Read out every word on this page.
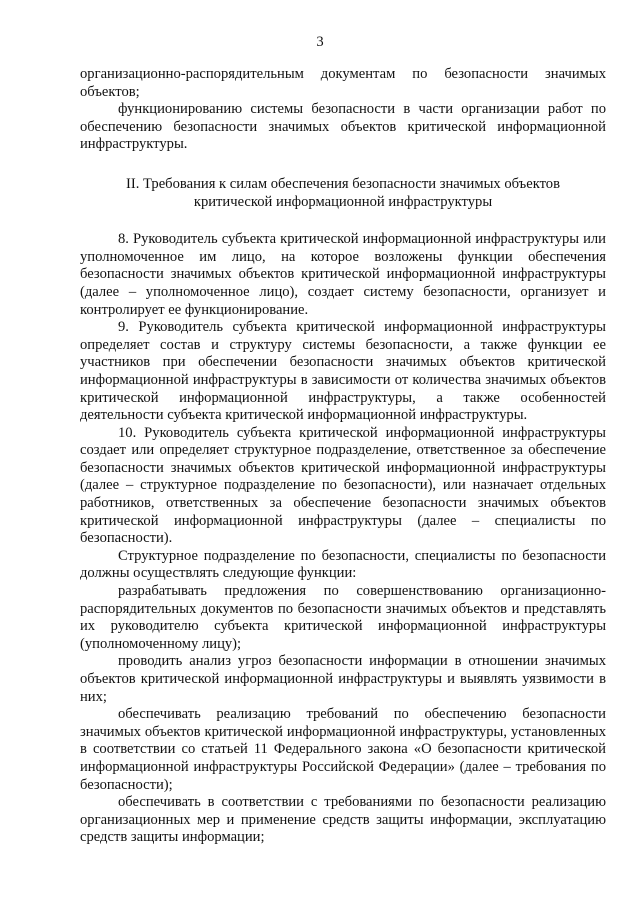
3

организационно-распорядительным документам по безопасности значимых объектов;

функционированию системы безопасности в части организации работ по обеспечению безопасности значимых объектов критической информационной инфраструктуры.

II. Требования к силам обеспечения безопасности значимых объектов критической информационной инфраструктуры

8. Руководитель субъекта критической информационной инфраструктуры или уполномоченное им лицо, на которое возложены функции обеспечения безопасности значимых объектов критической информационной инфраструктуры (далее – уполномоченное лицо), создает систему безопасности, организует и контролирует ее функционирование.

9. Руководитель субъекта критической информационной инфраструктуры определяет состав и структуру системы безопасности, а также функции ее участников при обеспечении безопасности значимых объектов критической информационной инфраструктуры в зависимости от количества значимых объектов критической информационной инфраструктуры, а также особенностей деятельности субъекта критической информационной инфраструктуры.

10. Руководитель субъекта критической информационной инфраструктуры создает или определяет структурное подразделение, ответственное за обеспечение безопасности значимых объектов критической информационной инфраструктуры (далее – структурное подразделение по безопасности), или назначает отдельных работников, ответственных за обеспечение безопасности значимых объектов критической информационной инфраструктуры (далее – специалисты по безопасности).

Структурное подразделение по безопасности, специалисты по безопасности должны осуществлять следующие функции:

разрабатывать предложения по совершенствованию организационно-распорядительных документов по безопасности значимых объектов и представлять их руководителю субъекта критической информационной инфраструктуры (уполномоченному лицу);

проводить анализ угроз безопасности информации в отношении значимых объектов критической информационной инфраструктуры и выявлять уязвимости в них;

обеспечивать реализацию требований по обеспечению безопасности значимых объектов критической информационной инфраструктуры, установленных в соответствии со статьей 11 Федерального закона «О безопасности критической информационной инфраструктуры Российской Федерации» (далее – требования по безопасности);

обеспечивать в соответствии с требованиями по безопасности реализацию организационных мер и применение средств защиты информации, эксплуатацию средств защиты информации;
